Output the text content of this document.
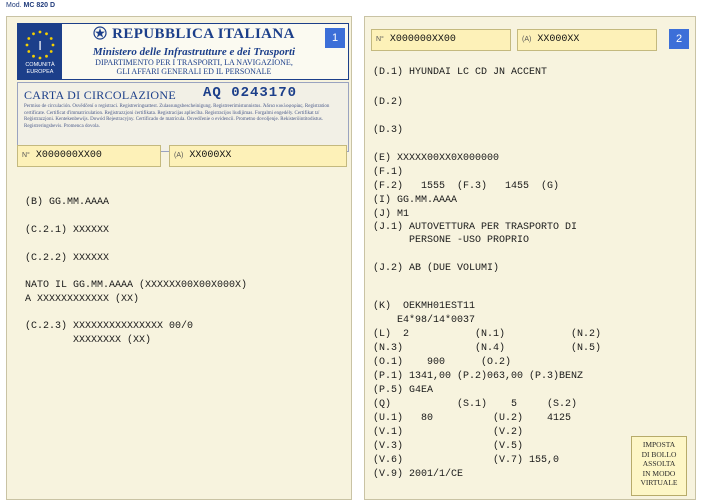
Mod. MC 820 D
I
COMUNITÀ
EUROPEA
REPUBBLICA ITALIANA
Ministero delle Infrastrutture e dei Trasporti
DIPARTIMENTO PER I TRASPORTI, LA NAVIGAZIONE,
GLI AFFARI GENERALI ED IL PERSONALE
1
CARTA DI CIRCOLAZIONE AQ 0243170
Permiso de circulación. Osvědčení o registraci. Registreringsattest. Zulassungsbescheinigung. Registreerimistunnistus. Άδεια κυκλοφορίας. Registration certificate. Certificat d'immatriculation. Reġistrazzjoni ċertifikata. Registracijas apliecība. Registracijos liudijimas. Forgalmi engedély. Certifikat ta' Reġistrazzjoni. Kentekenbewijs. Dowód Rejestracyjny. Certificado de matrícula. Osvedčenie o evidencii. Prometno dovoljenje. Rekisteröintitodistus. Registreringsbevis. Promenca dovola.
N° X000000XX00	(A) XX000XX
(B) GG.MM.AAAA
(C.2.1) XXXXXX
(C.2.2) XXXXXX
NATO IL GG.MM.AAAA (XXXXXX00X00X000X)
A XXXXXXXXXXXX (XX)
(C.2.3) XXXXXXXXXXXXXXX 00/0
XXXXXXXX (XX)
N° X000000XX00	(A) XX000XX	2
(D.1) HYUNDAI LC CD JN ACCENT
(D.2)
(D.3)
(E) XXXXX00XX0X000000
(F.1)
(F.2)   1555  (F.3)   1455  (G)
(I) GG.MM.AAAA
(J) M1
(J.1) AUTOVETTURA PER TRASPORTO DI
PERSONE -USO PROPRIO
(J.2) AB (DUE VOLUMI)
(K)  OEKMH01EST11
E4*98/14*0037
(L)  2           (N.1)           (N.2)
(N.3)            (N.4)           (N.5)
(O.1)    900      (O.2)
(P.1) 1341,00 (P.2)063,00 (P.3)BENZ
(P.5) G4EA
(Q)           (S.1)    5     (S.2)
(U.1)   80          (U.2)    4125
(V.1)               (V.2)
(V.3)               (V.5)
(V.6)               (V.7) 155,0
(V.9) 2001/1/CE
IMPOSTA
DI BOLLO
ASSOLTA
IN MODO
VIRTUALE
